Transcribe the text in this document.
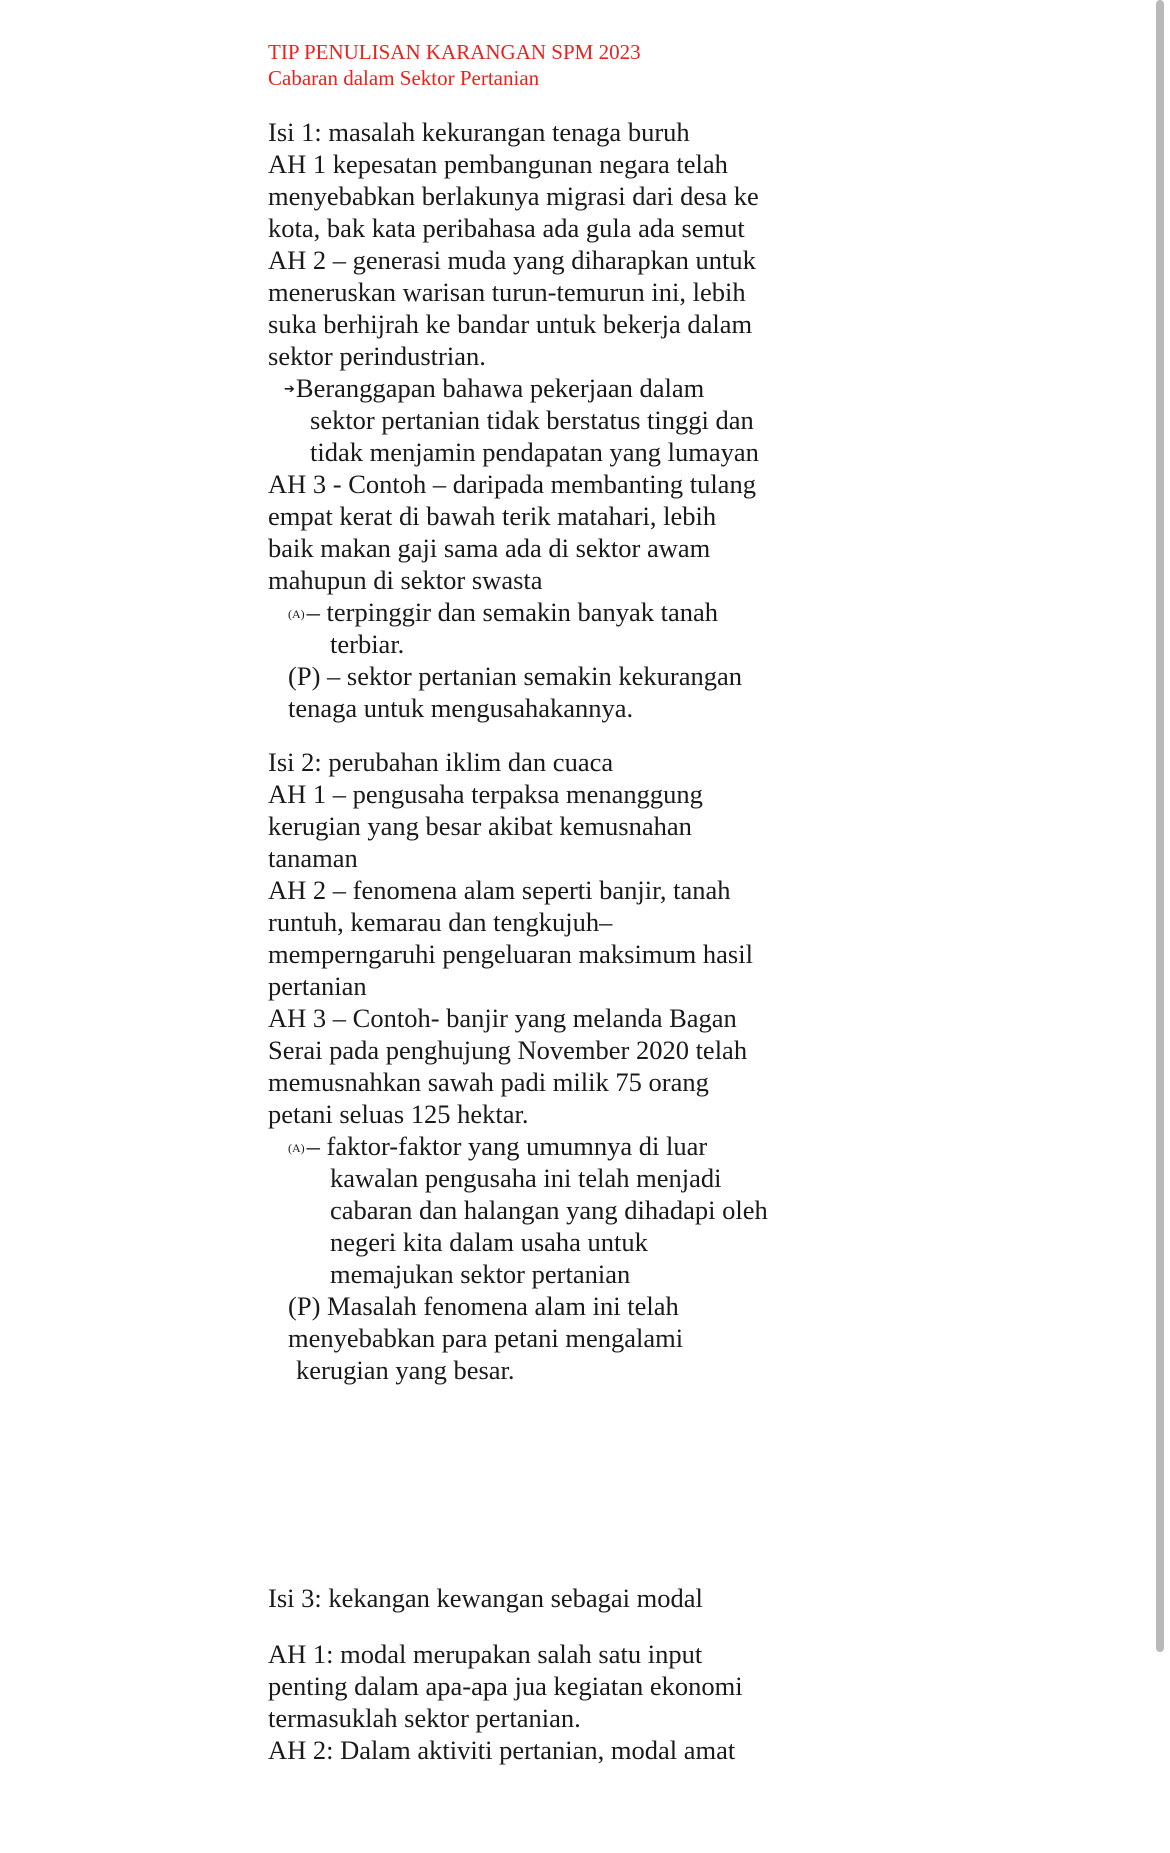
TIP PENULISAN KARANGAN SPM 2023
Cabaran dalam Sektor Pertanian
Isi 1: masalah kekurangan tenaga buruh
AH 1 kepesatan pembangunan negara telah
menyebabkan berlakunya migrasi dari desa ke
kota, bak kata peribahasa ada gula ada semut
AH 2 – generasi muda yang diharapkan untuk
meneruskan warisan turun-temurun ini, lebih
suka berhijrah ke bandar untuk bekerja dalam
sektor perindustrian.
➔Beranggapan bahawa pekerjaan dalam
sektor pertanian tidak berstatus tinggi dan
tidak menjamin pendapatan yang lumayan
AH 3 - Contoh – daripada membanting tulang
empat kerat di bawah terik matahari, lebih
baik makan gaji sama ada di sektor awam
mahupun di sektor swasta
(A)– terpinggir dan semakin banyak tanah
terbiar.
(P) – sektor pertanian semakin kekurangan
tenaga untuk mengusahakannya.
Isi 2: perubahan iklim dan cuaca
AH 1 – pengusaha terpaksa menanggung
kerugian yang besar akibat kemusnahan
tanaman
AH 2 – fenomena alam seperti banjir, tanah
runtuh, kemarau dan tengkujuh–
memperngaruhi pengeluaran maksimum hasil
pertanian
AH 3 – Contoh- banjir yang melanda Bagan
Serai pada penghujung November 2020 telah
memusnahkan sawah padi milik 75 orang
petani seluas 125 hektar.
(A)– faktor-faktor yang umumnya di luar
kawalan pengusaha ini telah menjadi
cabaran dan halangan yang dihadapi oleh
negeri kita dalam usaha untuk
memajukan sektor pertanian
(P) Masalah fenomena alam ini telah
menyebabkan para petani mengalami
kerugian yang besar.
Isi 3: kekangan kewangan sebagai modal
AH 1: modal merupakan salah satu input
penting dalam apa-apa jua kegiatan ekonomi
termasuklah sektor pertanian.
AH 2: Dalam aktiviti pertanian, modal amat
